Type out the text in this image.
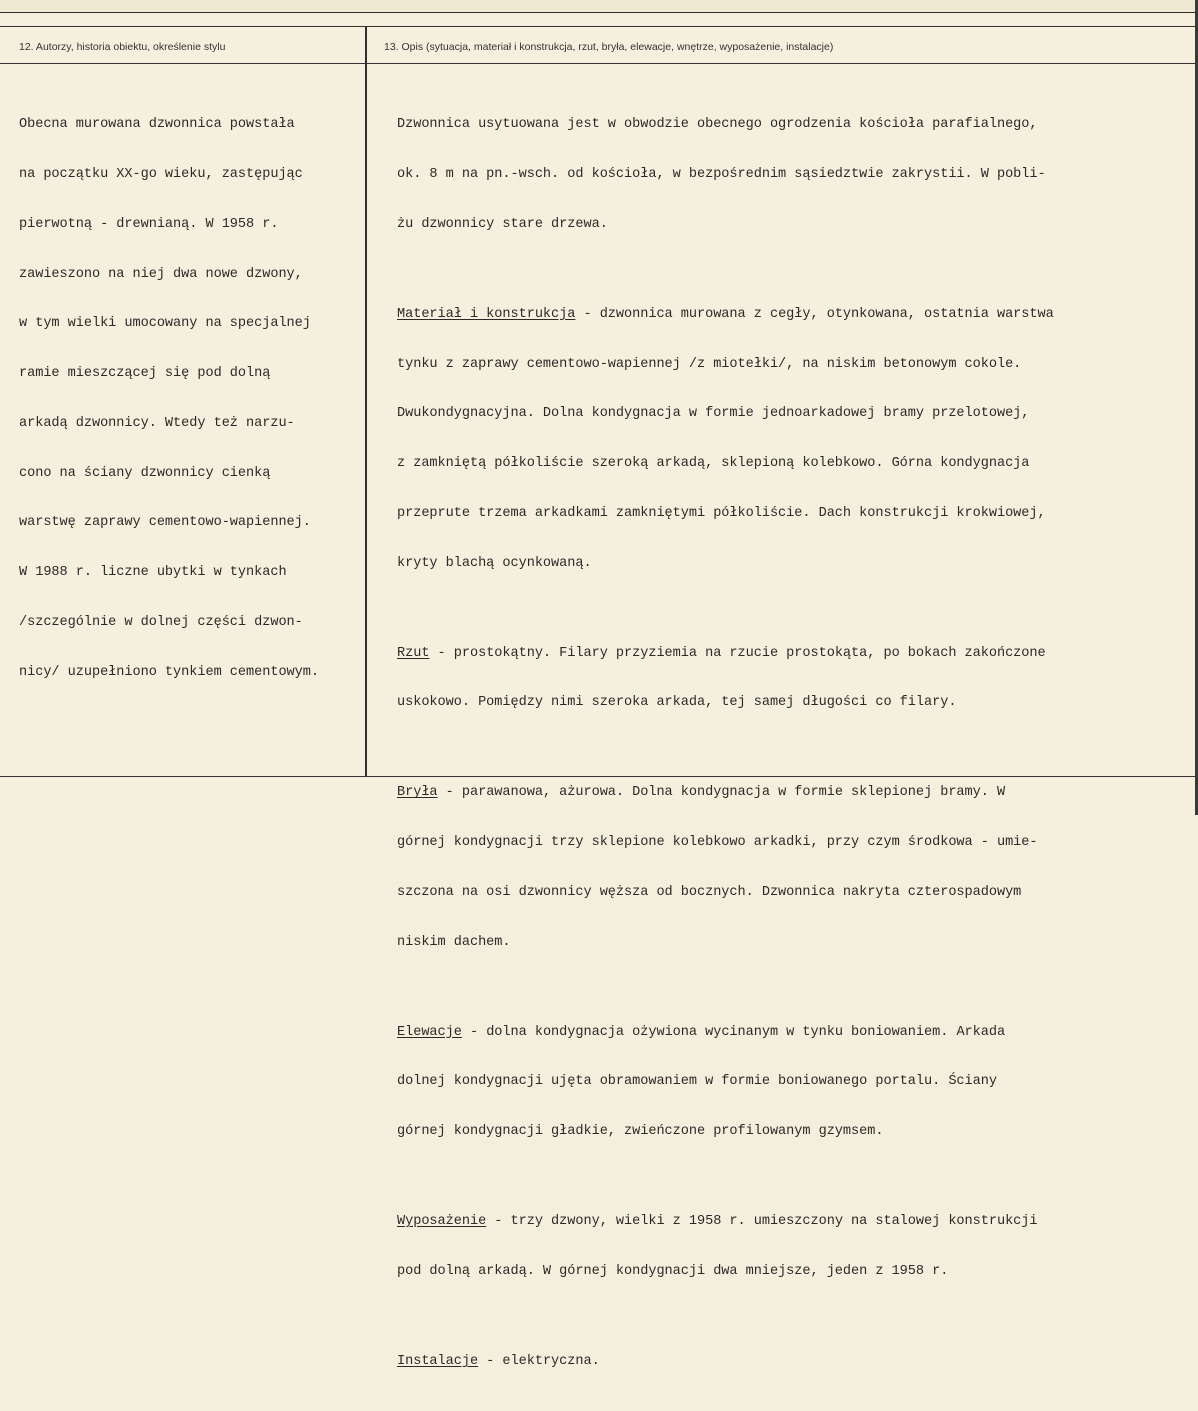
12. Autorzy, historia obiektu, określenie stylu	13. Opis (sytuacja, materiał i konstrukcja, rzut, bryła, elewacje, wnętrze, wyposażenie, instalacje)

Obecna murowana dzwonnica powstała

na początku XX-go wieku, zastępując

pierwotną - drewnianą. W 1958 r.

zawieszono na niej dwa nowe dzwony,

w tym wielki umocowany na specjalnej

ramie mieszczącej się pod dolną

arkadą dzwonnicy. Wtedy też narzu-

cono na ściany dzwonnicy cienką

warstwę zaprawy cementowo-wapiennej.

W 1988 r. liczne ubytki w tynkach

/szczególnie w dolnej części dzwon-

nicy/ uzupełniono tynkiem cementowym.

Dzwonnica usytuowana jest w obwodzie obecnego ogrodzenia kościoła parafialnego,

ok. 8 m na pn.-wsch. od kościoła, w bezpośrednim sąsiedztwie zakrystii. W pobli-

żu dzwonnicy stare drzewa.

Materiał i konstrukcja - dzwonnica murowana z cegły, otynkowana, ostatnia warstwa

tynku z zaprawy cementowo-wapiennej /z miotełki/, na niskim betonowym cokole.

Dwukondygnacyjna. Dolna kondygnacja w formie jednoarkadowej bramy przelotowej,

z zamkniętą półkoliście szeroką arkadą, sklepioną kolebkowo. Górna kondygnacja

przeprute trzema arkadkami zamkniętymi półkoliście. Dach konstrukcji krokwiowej,

kryty blachą ocynkowaną.

Rzut - prostokątny. Filary przyziemia na rzucie prostokąta, po bokach zakończone

uskokowo. Pomiędzy nimi szeroka arkada, tej samej długości co filary.

Bryła - parawanowa, ażurowa. Dolna kondygnacja w formie sklepionej bramy. W

górnej kondygnacji trzy sklepione kolebkowo arkadki, przy czym środkowa - umie-

szczona na osi dzwonnicy węższa od bocznych. Dzwonnica nakryta czterospadowym

niskim dachem.

Elewacje - dolna kondygnacja ożywiona wycinanym w tynku boniowaniem. Arkada

dolnej kondygnacji ujęta obramowaniem w formie boniowanego portalu. Ściany

górnej kondygnacji gładkie, zwieńczone profilowanym gzymsem.

Wyposażenie - trzy dzwony, wielki z 1958 r. umieszczony na stalowej konstrukcji

pod dolną arkadą. W górnej kondygnacji dwa mniejsze, jeden z 1958 r.

Instalacje - elektryczna.
